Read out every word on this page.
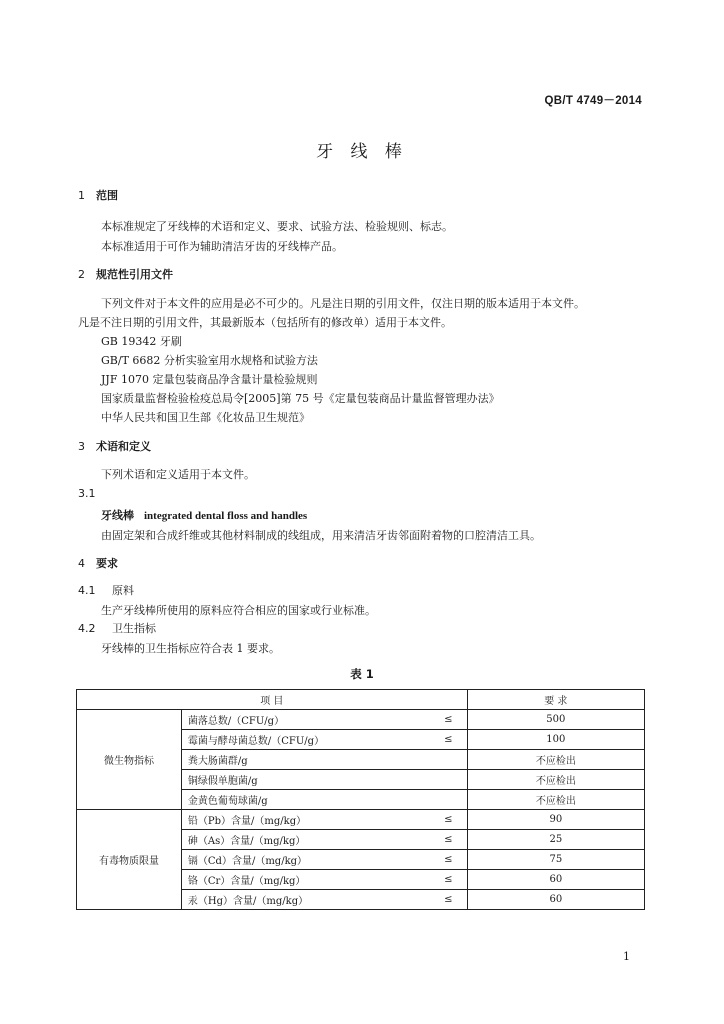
QB/T 4749－2014
牙 线 棒
1 范围
本标准规定了牙线棒的术语和定义、要求、试验方法、检验规则、标志。
本标准适用于可作为辅助清洁牙齿的牙线棒产品。
2 规范性引用文件
下列文件对于本文件的应用是必不可少的。凡是注日期的引用文件，仅注日期的版本适用于本文件。
凡是不注日期的引用文件，其最新版本（包括所有的修改单）适用于本文件。
GB 19342 牙刷
GB/T 6682 分析实验室用水规格和试验方法
JJF 1070 定量包装商品净含量计量检验规则
国家质量监督检验检疫总局令[2005]第 75 号《定量包装商品计量监督管理办法》
中华人民共和国卫生部《化妆品卫生规范》
3 术语和定义
下列术语和定义适用于本文件。
3.1
牙线棒 integrated dental floss and handles
由固定架和合成纤维或其他材料制成的线组成，用来清洁牙齿邻面附着物的口腔清洁工具。
4 要求
4.1 原料
生产牙线棒所使用的原料应符合相应的国家或行业标准。
4.2 卫生指标
牙线棒的卫生指标应符合表 1 要求。
表 1
项 目			要 求
微生物指标	菌落总数/（CFU/g）	≤	500
	霉菌与酵母菌总数/（CFU/g）	≤	100
	粪大肠菌群/g		不应检出
	铜绿假单胞菌/g		不应检出
	金黄色葡萄球菌/g		不应检出
有毒物质限量	铅（Pb）含量/（mg/kg）	≤	90
	砷（As）含量/（mg/kg）	≤	25
	镉（Cd）含量/（mg/kg）	≤	75
	铬（Cr）含量/（mg/kg）	≤	60
	汞（Hg）含量/（mg/kg）	≤	60
1
